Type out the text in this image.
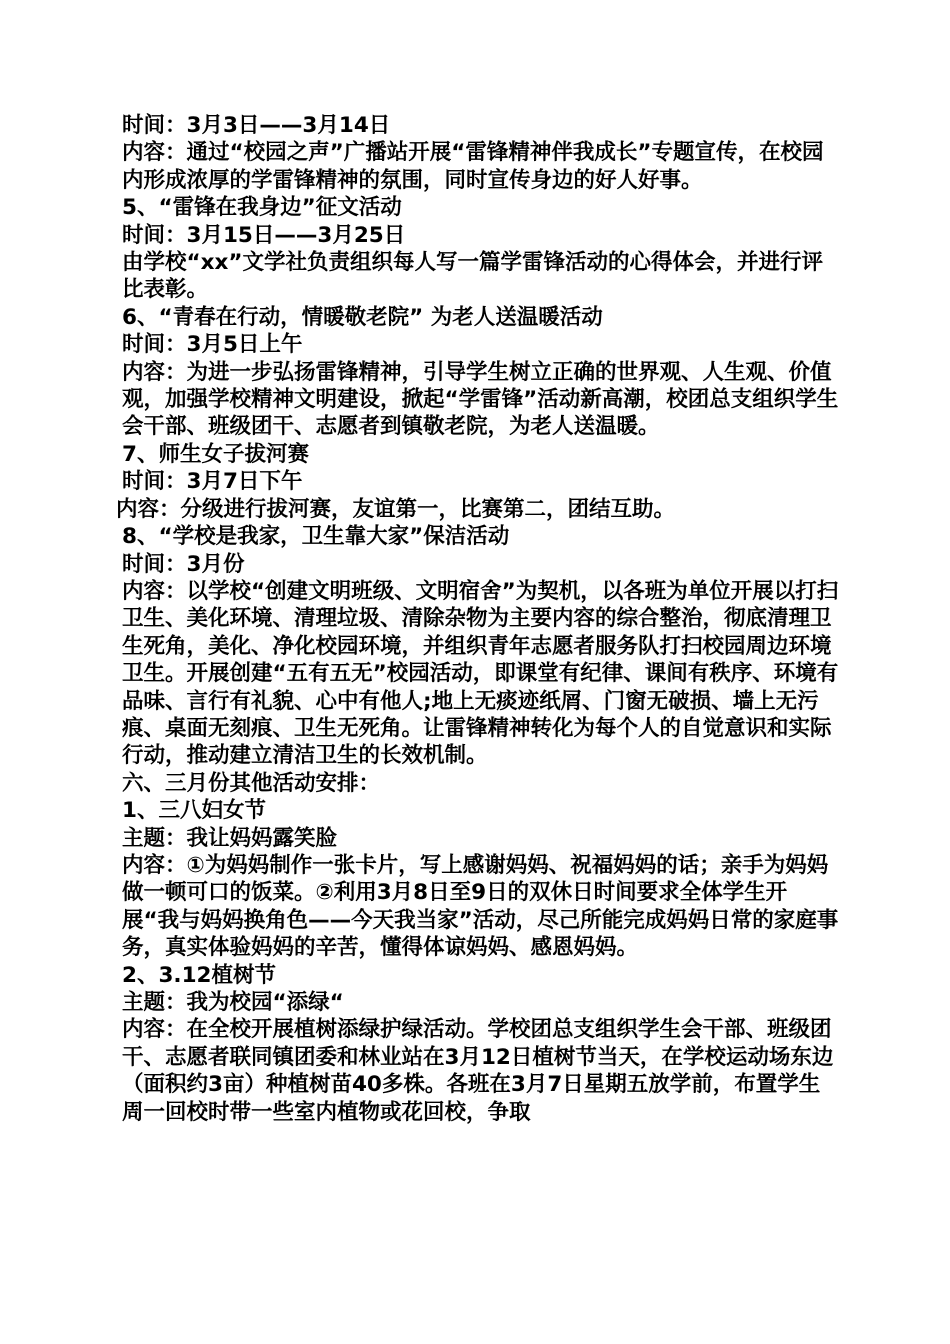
时间：3月3日——3月14日

内容：通过“校园之声”广播站开展“雷锋精神伴我成长”专题宣传，在校园内形成浓厚的学雷锋精神的氛围，同时宣传身边的好人好事。

5、“雷锋在我身边”征文活动

时间：3月15日——3月25日

由学校“xx”文学社负责组织每人写一篇学雷锋活动的心得体会，并进行评比表彰。

6、“青春在行动，情暖敬老院” 为老人送温暖活动

时间：3月5日上午

内容：为进一步弘扬雷锋精神，引导学生树立正确的世界观、人生观、价值观，加强学校精神文明建设，掀起“学雷锋”活动新高潮，校团总支组织学生会干部、班级团干、志愿者到镇敬老院，为老人送温暖。

7、师生女子拔河赛

时间：3月7日下午

内容：分级进行拔河赛，友谊第一，比赛第二，团结互助。

8、“学校是我家，卫生靠大家”保洁活动

时间：3月份

内容：以学校“创建文明班级、文明宿舍”为契机，以各班为单位开展以打扫卫生、美化环境、清理垃圾、清除杂物为主要内容的综合整治，彻底清理卫生死角，美化、净化校园环境，并组织青年志愿者服务队打扫校园周边环境卫生。开展创建“五有五无”校园活动，即课堂有纪律、课间有秩序、环境有品味、言行有礼貌、心中有他人;地上无痰迹纸屑、门窗无破损、墙上无污痕、桌面无刻痕、卫生无死角。让雷锋精神转化为每个人的自觉意识和实际行动，推动建立清洁卫生的长效机制。

六、三月份其他活动安排：

1、三八妇女节

主题：我让妈妈露笑脸

内容：①为妈妈制作一张卡片，写上感谢妈妈、祝福妈妈的话；亲手为妈妈做一顿可口的饭菜。②利用3月8日至9日的双休日时间要求全体学生开展“我与妈妈换角色——今天我当家”活动，尽己所能完成妈妈日常的家庭事务，真实体验妈妈的辛苦，懂得体谅妈妈、感恩妈妈。

2、3.12植树节

主题：我为校园“添绿“

内容：在全校开展植树添绿护绿活动。学校团总支组织学生会干部、班级团干、志愿者联同镇团委和林业站在3月12日植树节当天，在学校运动场东边（面积约3亩）种植树苗40多株。各班在3月7日星期五放学前，布置学生周一回校时带一些室内植物或花回校，争取
